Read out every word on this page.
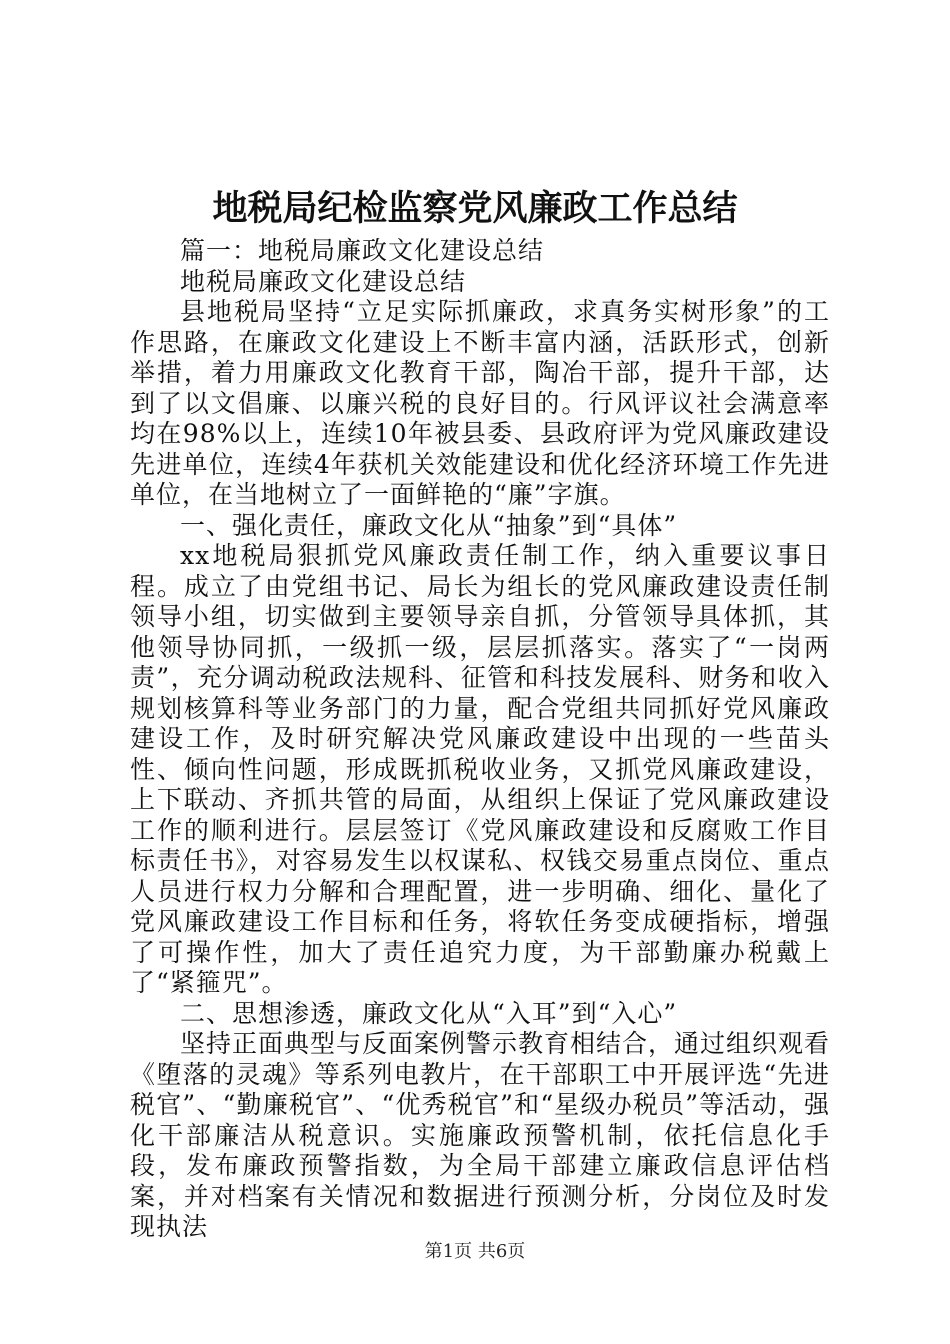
地税局纪检监察党风廉政工作总结

篇一：地税局廉政文化建设总结

地税局廉政文化建设总结

县地税局坚持“立足实际抓廉政，求真务实树形象”的工作思路，在廉政文化建设上不断丰富内涵，活跃形式，创新举措，着力用廉政文化教育干部，陶冶干部，提升干部，达到了以文倡廉、以廉兴税的良好目的。行风评议社会满意率均在98%以上，连续10年被县委、县政府评为党风廉政建设先进单位，连续4年获机关效能建设和优化经济环境工作先进单位，在当地树立了一面鲜艳的“廉”字旗。

一、强化责任，廉政文化从“抽象”到“具体”

xx地税局狠抓党风廉政责任制工作，纳入重要议事日程。成立了由党组书记、局长为组长的党风廉政建设责任制领导小组，切实做到主要领导亲自抓，分管领导具体抓，其他领导协同抓，一级抓一级，层层抓落实。落实了“一岗两责”，充分调动税政法规科、征管和科技发展科、财务和收入规划核算科等业务部门的力量，配合党组共同抓好党风廉政建设工作，及时研究解决党风廉政建设中出现的一些苗头性、倾向性问题，形成既抓税收业务，又抓党风廉政建设，上下联动、齐抓共管的局面，从组织上保证了党风廉政建设工作的顺利进行。层层签订《党风廉政建设和反腐败工作目标责任书》，对容易发生以权谋私、权钱交易重点岗位、重点人员进行权力分解和合理配置，进一步明确、细化、量化了党风廉政建设工作目标和任务，将软任务变成硬指标，增强了可操作性，加大了责任追究力度，为干部勤廉办税戴上了“紧箍咒”。

二、思想渗透，廉政文化从“入耳”到“入心”

坚持正面典型与反面案例警示教育相结合，通过组织观看《堕落的灵魂》等系列电教片，在干部职工中开展评选“先进税官”、“勤廉税官”、“优秀税官”和“星级办税员”等活动，强化干部廉洁从税意识。实施廉政预警机制，依托信息化手段，发布廉政预警指数，为全局干部建立廉政信息评估档案，并对档案有关情况和数据进行预测分析，分岗位及时发现执法

第1页 共6页
